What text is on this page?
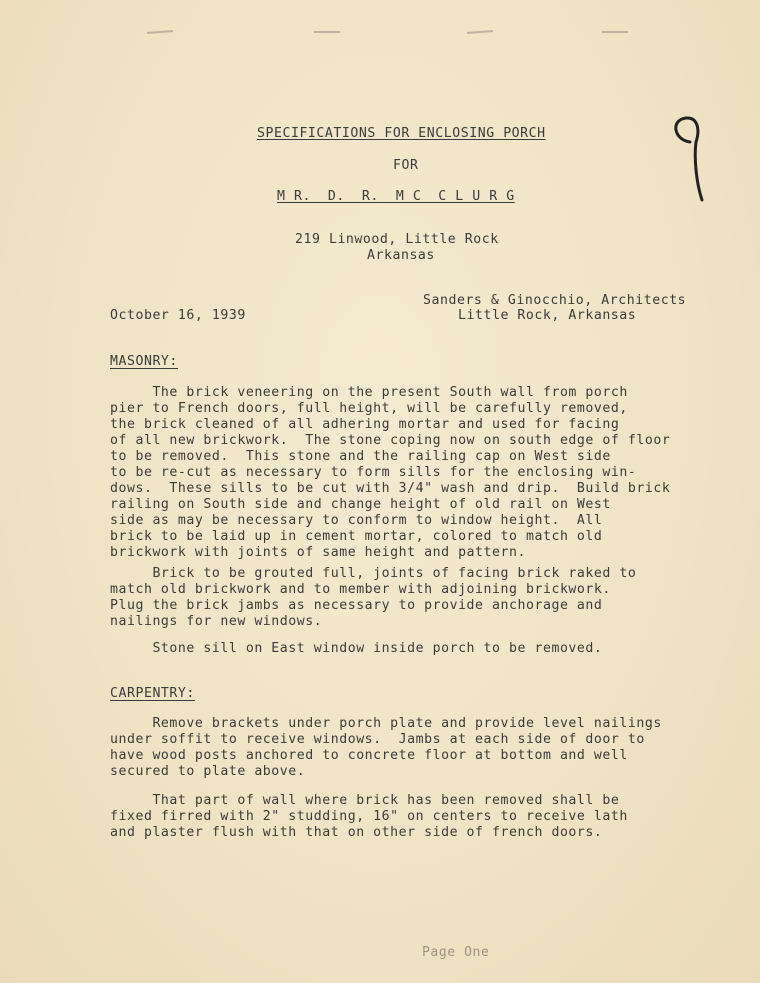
SPECIFICATIONS FOR ENCLOSING PORCH
FOR
M R.  D.  R.  M C  C L U R G
219 Linwood, Little Rock
Arkansas
Sanders & Ginocchio, Architects
October 16, 1939	Little Rock, Arkansas
MASONRY:
The brick veneering on the present South wall from porch
pier to French doors, full height, will be carefully removed,
the brick cleaned of all adhering mortar and used for facing
of all new brickwork.  The stone coping now on south edge of floor
to be removed.  This stone and the railing cap on West side
to be re-cut as necessary to form sills for the enclosing win-
dows.  These sills to be cut with 3/4" wash and drip.  Build brick
railing on South side and change height of old rail on West
side as may be necessary to conform to window height.  All
brick to be laid up in cement mortar, colored to match old
brickwork with joints of same height and pattern.
Brick to be grouted full, joints of facing brick raked to
match old brickwork and to member with adjoining brickwork.
Plug the brick jambs as necessary to provide anchorage and
nailings for new windows.
Stone sill on East window inside porch to be removed.
CARPENTRY:
Remove brackets under porch plate and provide level nailings
under soffit to receive windows.  Jambs at each side of door to
have wood posts anchored to concrete floor at bottom and well
secured to plate above.
That part of wall where brick has been removed shall be
fixed firred with 2" studding, 16" on centers to receive lath
and plaster flush with that on other side of french doors.
Page One
